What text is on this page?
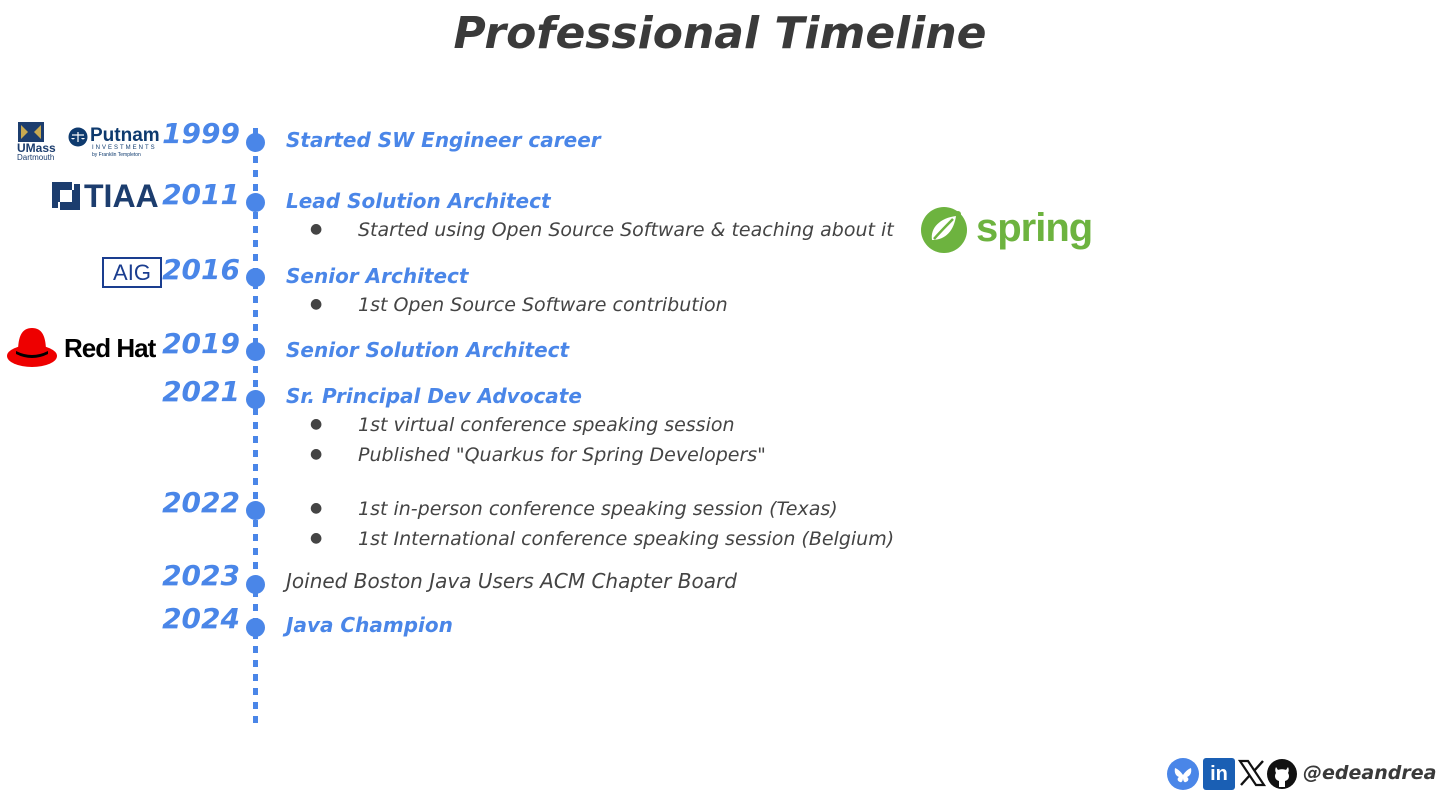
Professional Timeline
1999
2011
2016
2019
2021
2022
2023
2024
Started SW Engineer career
Lead Solution Architect
● Started using Open Source Software & teaching about it
Senior Architect
● 1st Open Source Software contribution
Senior Solution Architect
Sr. Principal Dev Advocate
● 1st virtual conference speaking session
● Published "Quarkus for Spring Developers"
● 1st in-person conference speaking session (Texas)
● 1st International conference speaking session (Belgium)
Joined Boston Java Users ACM Chapter Board
Java Champion
UMass
Dartmouth
Putnam
INVESTMENTS
by Franklin Templeton
TIAA
AIG
Red Hat
spring
in	@edeandrea
